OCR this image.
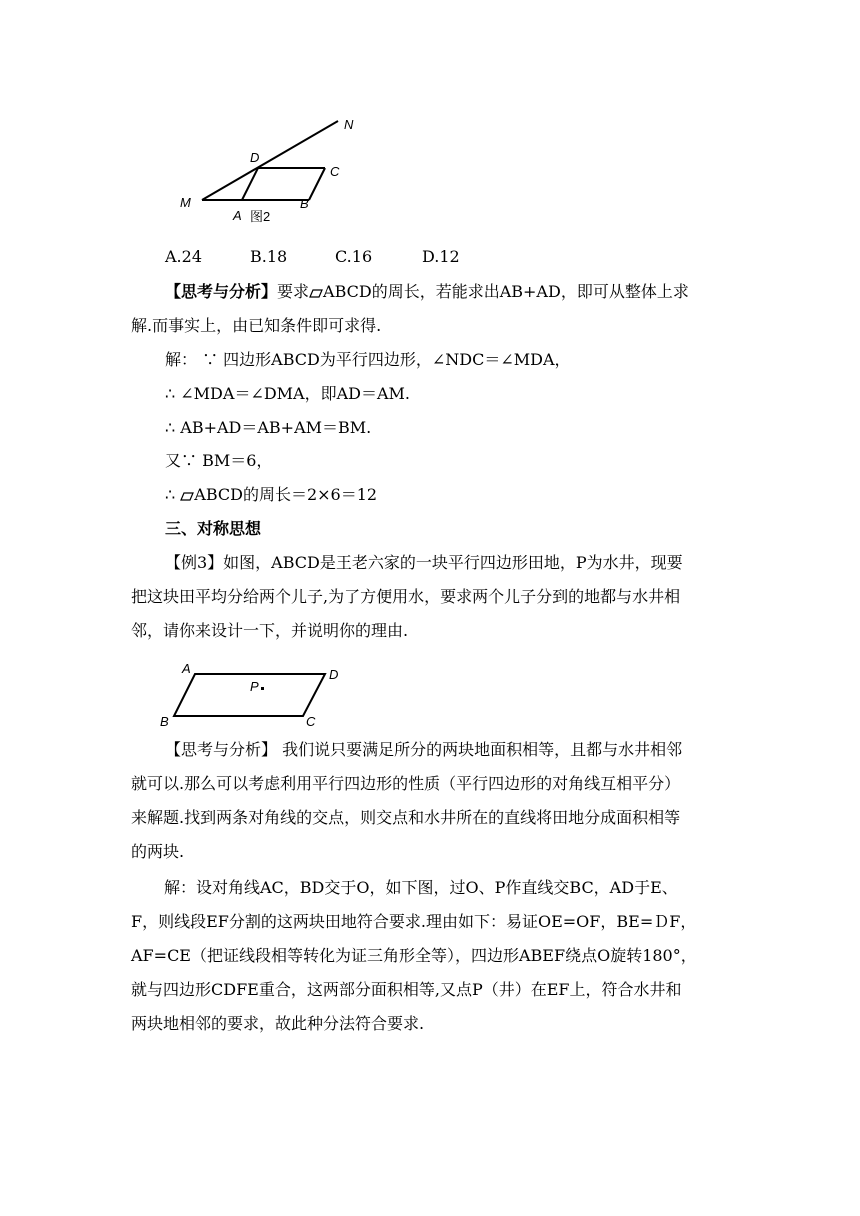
N
D
C
M
A 图2
B
A.24	B.18	C.16	D.12
【思考与分析】要求 ABCD的周长，若能求出AB+AD，即可从整体上求
解.而事实上，由已知条件即可求得.
解： ∵ 四边形ABCD为平行四边形，∠NDC＝∠MDA，
∴ ∠MDA＝∠DMA，即AD＝AM.
∴ AB+AD＝AB+AM＝BM.
又∵ BM＝6，
∴ ABCD的周长＝2×6＝12
三、对称思想
【例3】如图，ABCD是王老六家的一块平行四边形田地，P为水井，现要
把这块田平均分给两个儿子,为了方便用水，要求两个儿子分到的地都与水井相
邻，请你来设计一下，并说明你的理由.
A	D
P
B	C
【思考与分析】 我们说只要满足所分的两块地面积相等，且都与水井相邻
就可以.那么可以考虑利用平行四边形的性质（平行四边形的对角线互相平分）
来解题.找到两条对角线的交点，则交点和水井所在的直线将田地分成面积相等
的两块.
解：设对角线AC，BD交于O，如下图，过O、P作直线交BC，AD于E、
F，则线段EF分割的这两块田地符合要求.理由如下：易证OE=OF，BE=ＤF，
AF=CE（把证线段相等转化为证三角形全等），四边形ABEF绕点O旋转180°，
就与四边形CDFE重合，这两部分面积相等,又点P（井）在EF上，符合水井和
两块地相邻的要求，故此种分法符合要求.
